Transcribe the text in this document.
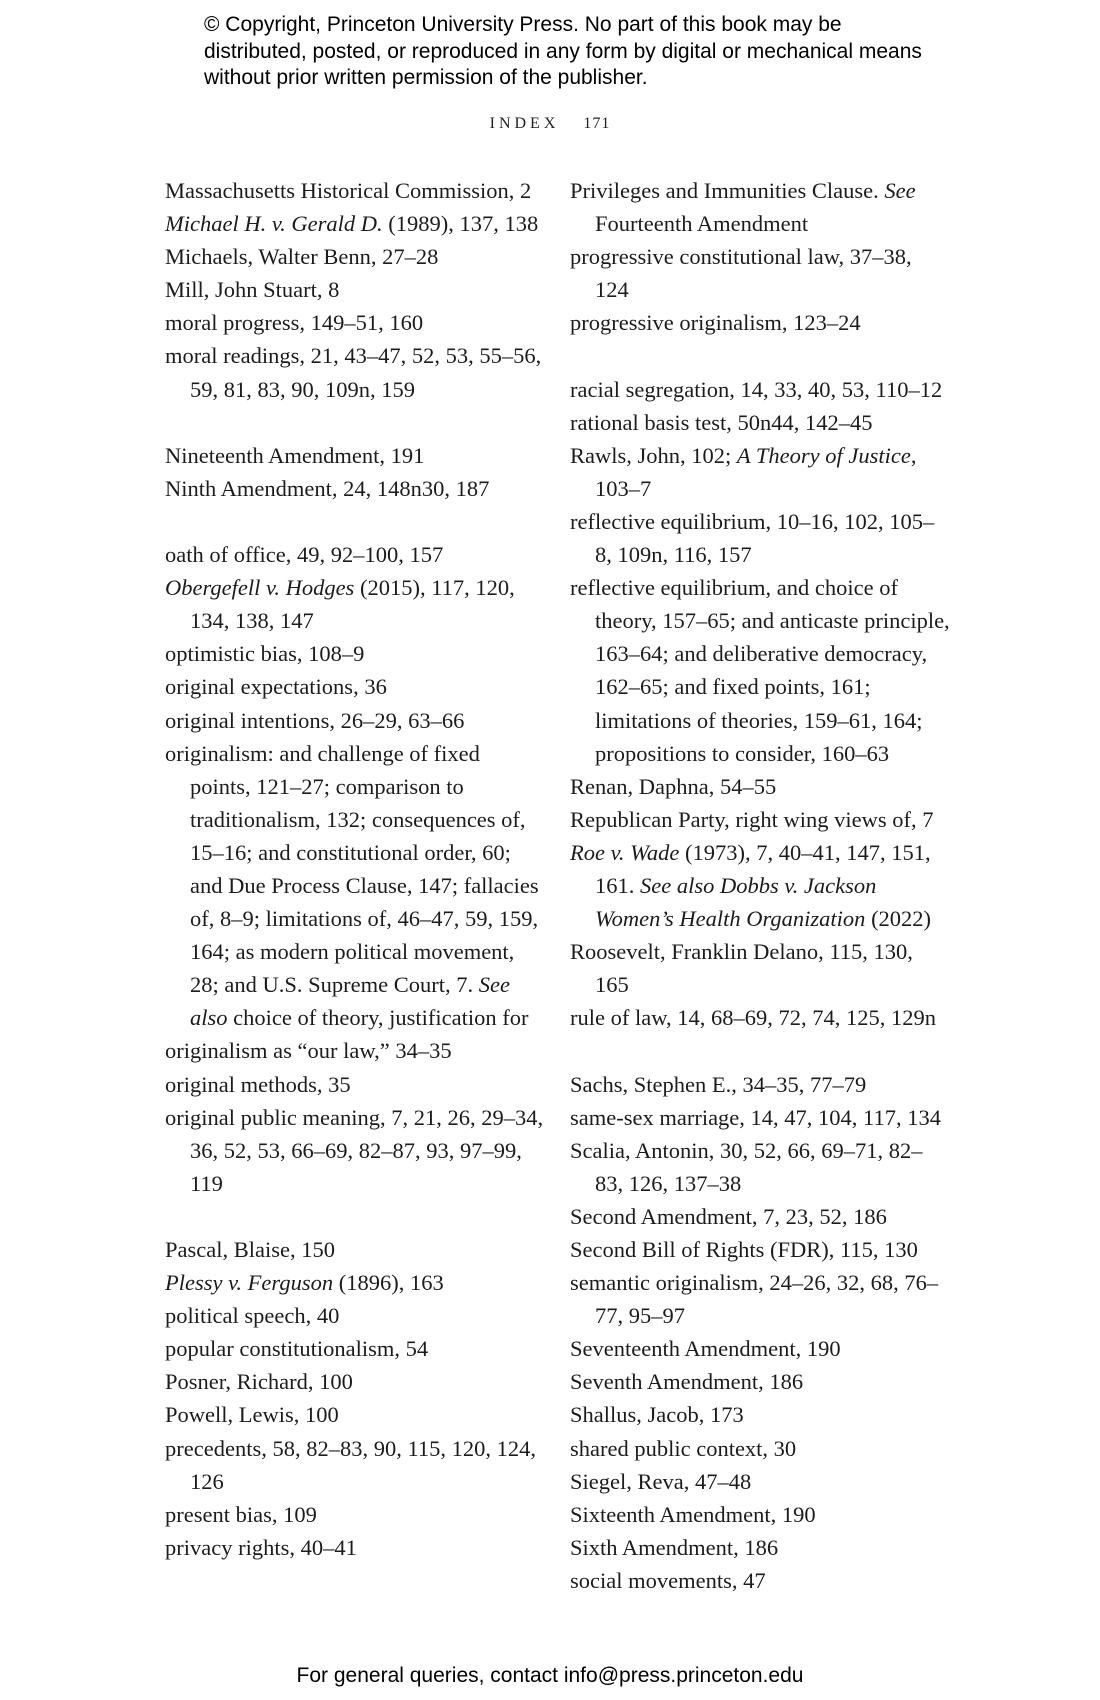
© Copyright, Princeton University Press. No part of this book may be distributed, posted, or reproduced in any form by digital or mechanical means without prior written permission of the publisher.
INDEX 171
Massachusetts Historical Commission, 2
Michael H. v. Gerald D. (1989), 137, 138
Michaels, Walter Benn, 27–28
Mill, John Stuart, 8
moral progress, 149–51, 160
moral readings, 21, 43–47, 52, 53, 55–56, 59, 81, 83, 90, 109n, 159
Nineteenth Amendment, 191
Ninth Amendment, 24, 148n30, 187
oath of office, 49, 92–100, 157
Obergefell v. Hodges (2015), 117, 120, 134, 138, 147
optimistic bias, 108–9
original expectations, 36
original intentions, 26–29, 63–66
originalism: and challenge of fixed points, 121–27; comparison to traditionalism, 132; consequences of, 15–16; and constitutional order, 60; and Due Process Clause, 147; fallacies of, 8–9; limitations of, 46–47, 59, 159, 164; as modern political movement, 28; and U.S. Supreme Court, 7. See also choice of theory, justification for
originalism as “our law,” 34–35
original methods, 35
original public meaning, 7, 21, 26, 29–34, 36, 52, 53, 66–69, 82–87, 93, 97–99, 119
Pascal, Blaise, 150
Plessy v. Ferguson (1896), 163
political speech, 40
popular constitutionalism, 54
Posner, Richard, 100
Powell, Lewis, 100
precedents, 58, 82–83, 90, 115, 120, 124, 126
present bias, 109
privacy rights, 40–41
Privileges and Immunities Clause. See Fourteenth Amendment
progressive constitutional law, 37–38, 124
progressive originalism, 123–24
racial segregation, 14, 33, 40, 53, 110–12
rational basis test, 50n44, 142–45
Rawls, John, 102; A Theory of Justice, 103–7
reflective equilibrium, 10–16, 102, 105–8, 109n, 116, 157
reflective equilibrium, and choice of theory, 157–65; and anticaste principle, 163–64; and deliberative democracy, 162–65; and fixed points, 161; limitations of theories, 159–61, 164; propositions to consider, 160–63
Renan, Daphna, 54–55
Republican Party, right wing views of, 7
Roe v. Wade (1973), 7, 40–41, 147, 151, 161. See also Dobbs v. Jackson Women’s Health Organization (2022)
Roosevelt, Franklin Delano, 115, 130, 165
rule of law, 14, 68–69, 72, 74, 125, 129n
Sachs, Stephen E., 34–35, 77–79
same-sex marriage, 14, 47, 104, 117, 134
Scalia, Antonin, 30, 52, 66, 69–71, 82–83, 126, 137–38
Second Amendment, 7, 23, 52, 186
Second Bill of Rights (FDR), 115, 130
semantic originalism, 24–26, 32, 68, 76–77, 95–97
Seventeenth Amendment, 190
Seventh Amendment, 186
Shallus, Jacob, 173
shared public context, 30
Siegel, Reva, 47–48
Sixteenth Amendment, 190
Sixth Amendment, 186
social movements, 47
For general queries, contact info@press.princeton.edu
